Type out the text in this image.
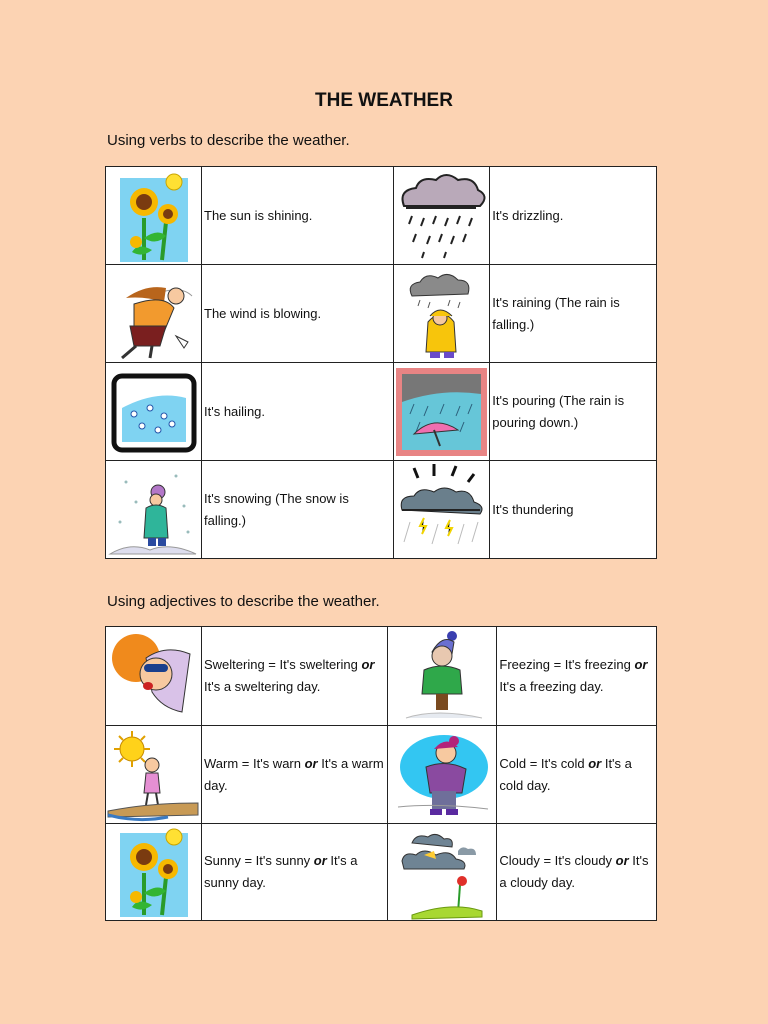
THE WEATHER
Using verbs to describe the weather.
	The sun is shining.		It's drizzling.

	The wind is blowing.		It's raining (The rain is falling.)

	It's hailing.		It's pouring (The rain is pouring down.)

	It's snowing (The snow is falling.)		It's thundering
Using adjectives to describe the weather.
	Sweltering = It's sweltering or It's a sweltering day.		Freezing = It's freezing or It's a freezing day.

	Warm = It's warn or It's a warm day.		Cold = It's cold or It's a cold day.

	Sunny = It's sunny or It's a sunny day.		Cloudy = It's cloudy or It's a cloudy day.
